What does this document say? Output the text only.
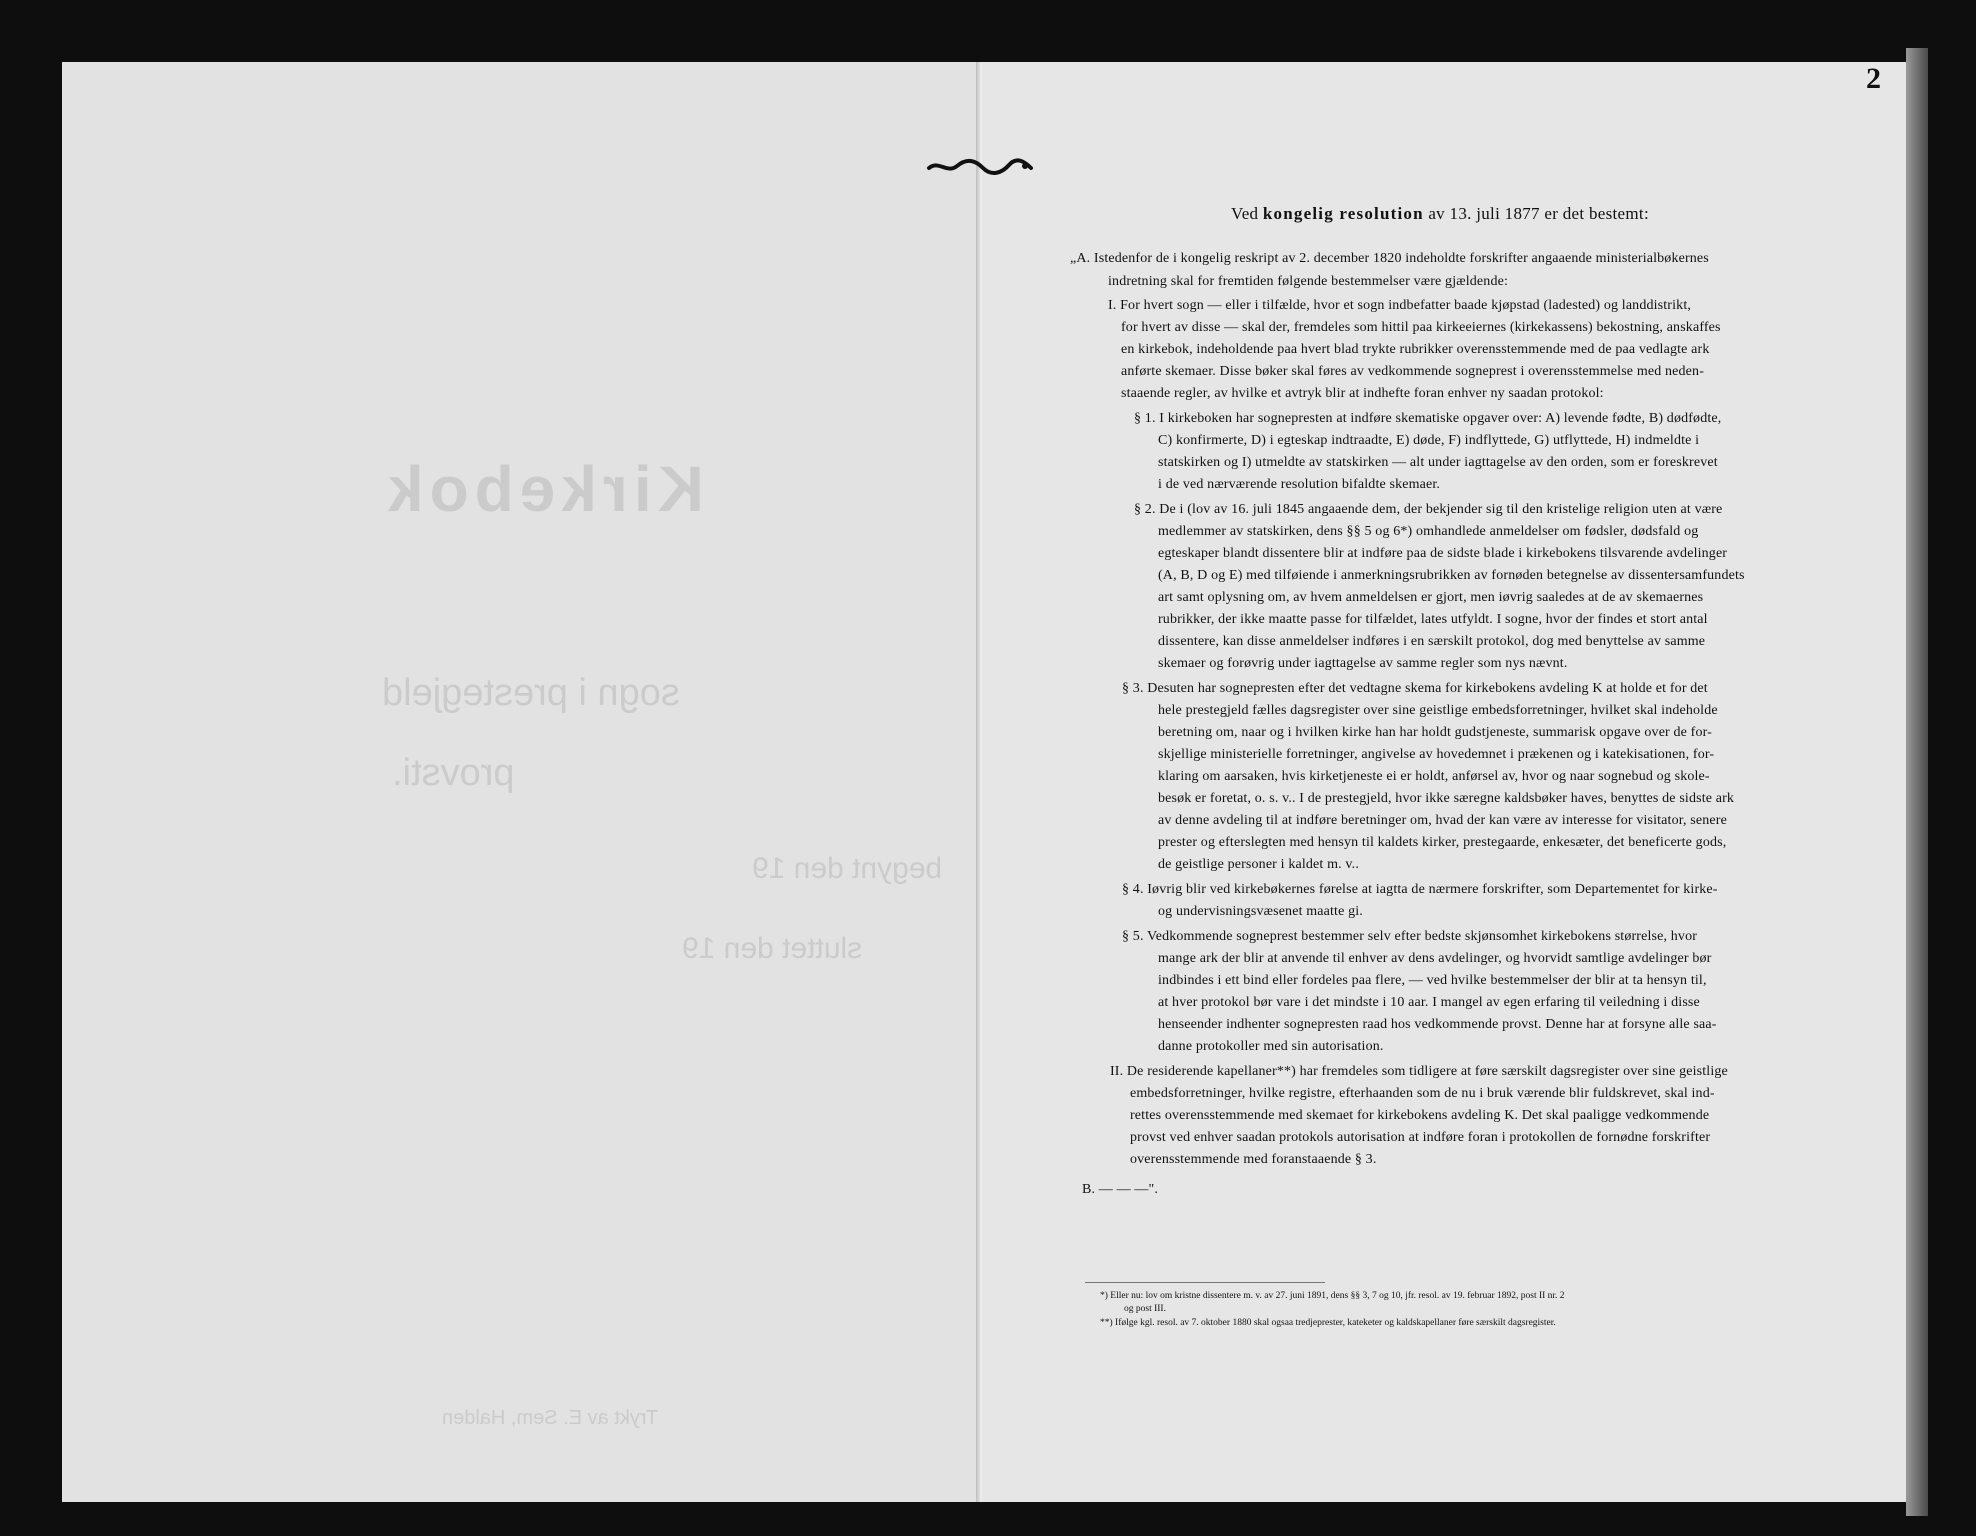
Kirkebok
sogn i prestegjeld
provsti.
begynt den 19
sluttet den 19
Trykt av E. Sem, Halden
2
Ved kongelig resolution av 13. juli 1877 er det bestemt:
„A. Istedenfor de i kongelig reskript av 2. december 1820 indeholdte forskrifter angaaende ministerialbøkernes
indretning skal for fremtiden følgende bestemmelser være gjældende:
I. For hvert sogn — eller i tilfælde, hvor et sogn indbefatter baade kjøpstad (ladested) og landdistrikt,
for hvert av disse — skal der, fremdeles som hittil paa kirkeeiernes (kirkekassens) bekostning, anskaffes
en kirkebok, indeholdende paa hvert blad trykte rubrikker overensstemmende med de paa vedlagte ark
anførte skemaer. Disse bøker skal føres av vedkommende sogneprest i overensstemmelse med neden-
staaende regler, av hvilke et avtryk blir at indhefte foran enhver ny saadan protokol:
§ 1. I kirkeboken har sognepresten at indføre skematiske opgaver over: A) levende fødte, B) dødfødte,
C) konfirmerte, D) i egteskap indtraadte, E) døde, F) indflyttede, G) utflyttede, H) indmeldte i
statskirken og I) utmeldte av statskirken — alt under iagttagelse av den orden, som er foreskrevet
i de ved nærværende resolution bifaldte skemaer.
§ 2. De i (lov av 16. juli 1845 angaaende dem, der bekjender sig til den kristelige religion uten at være
medlemmer av statskirken, dens §§ 5 og 6*) omhandlede anmeldelser om fødsler, dødsfald og
egteskaper blandt dissentere blir at indføre paa de sidste blade i kirkebokens tilsvarende avdelinger
(A, B, D og E) med tilføiende i anmerkningsrubrikken av fornøden betegnelse av dissentersamfundets
art samt oplysning om, av hvem anmeldelsen er gjort, men iøvrig saaledes at de av skemaernes
rubrikker, der ikke maatte passe for tilfældet, lates utfyldt. I sogne, hvor der findes et stort antal
dissentere, kan disse anmeldelser indføres i en særskilt protokol, dog med benyttelse av samme
skemaer og forøvrig under iagttagelse av samme regler som nys nævnt.
§ 3. Desuten har sognepresten efter det vedtagne skema for kirkebokens avdeling K at holde et for det
hele prestegjeld fælles dagsregister over sine geistlige embedsforretninger, hvilket skal indeholde
beretning om, naar og i hvilken kirke han har holdt gudstjeneste, summarisk opgave over de for-
skjellige ministerielle forretninger, angivelse av hovedemnet i prækenen og i katekisationen, for-
klaring om aarsaken, hvis kirketjeneste ei er holdt, anførsel av, hvor og naar sognebud og skole-
besøk er foretat, o. s. v.. I de prestegjeld, hvor ikke særegne kaldsbøker haves, benyttes de sidste ark
av denne avdeling til at indføre beretninger om, hvad der kan være av interesse for visitator, senere
prester og efterslegten med hensyn til kaldets kirker, prestegaarde, enkesæter, det beneficerte gods,
de geistlige personer i kaldet m. v..
§ 4. Iøvrig blir ved kirkebøkernes førelse at iagtta de nærmere forskrifter, som Departementet for kirke-
og undervisningsvæsenet maatte gi.
§ 5. Vedkommende sogneprest bestemmer selv efter bedste skjønsomhet kirkebokens størrelse, hvor
mange ark der blir at anvende til enhver av dens avdelinger, og hvorvidt samtlige avdelinger bør
indbindes i ett bind eller fordeles paa flere, — ved hvilke bestemmelser der blir at ta hensyn til,
at hver protokol bør vare i det mindste i 10 aar. I mangel av egen erfaring til veiledning i disse
henseender indhenter sognepresten raad hos vedkommende provst. Denne har at forsyne alle saa-
danne protokoller med sin autorisation.
II. De residerende kapellaner**) har fremdeles som tidligere at føre særskilt dagsregister over sine geistlige
embedsforretninger, hvilke registre, efterhaanden som de nu i bruk værende blir fuldskrevet, skal ind-
rettes overensstemmende med skemaet for kirkebokens avdeling K. Det skal paaligge vedkommende
provst ved enhver saadan protokols autorisation at indføre foran i protokollen de fornødne forskrifter
overensstemmende med foranstaaende § 3.
B. — — —".
*) Eller nu: lov om kristne dissentere m. v. av 27. juni 1891, dens §§ 3, 7 og 10, jfr. resol. av 19. februar 1892, post II nr. 2
og post III.
**) Ifølge kgl. resol. av 7. oktober 1880 skal ogsaa tredjeprester, kateketer og kaldskapellaner føre særskilt dagsregister.
